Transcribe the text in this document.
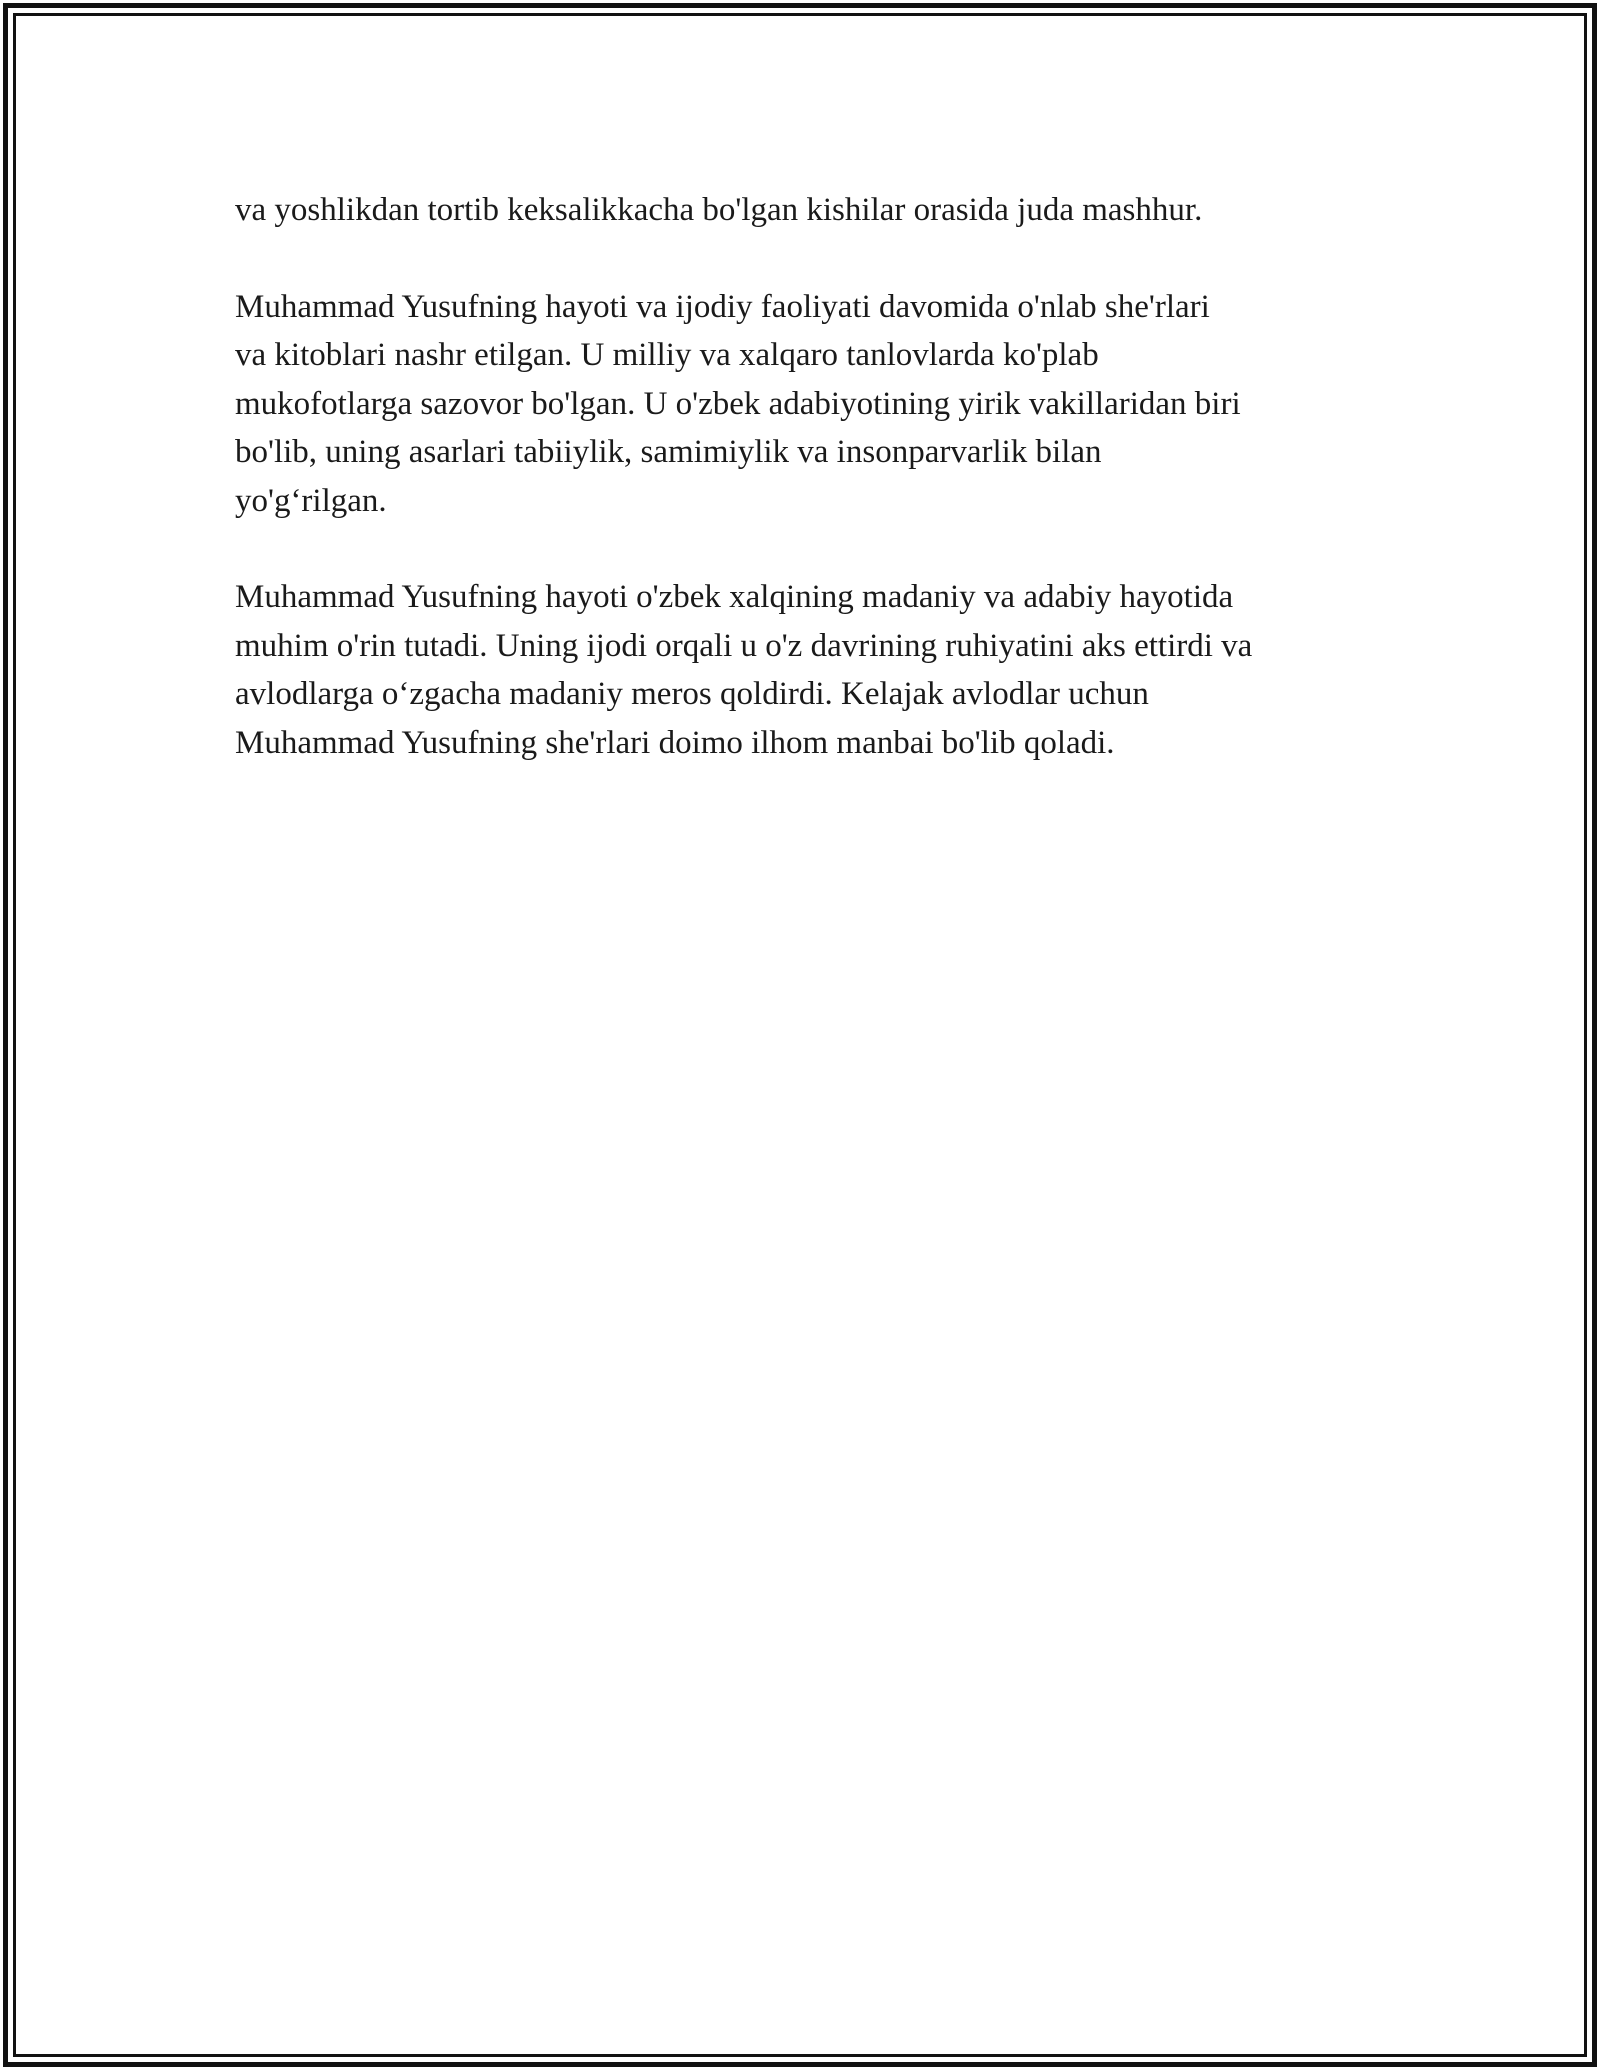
va yoshlikdan tortib keksalikkacha bo'lgan kishilar orasida juda mashhur.

Muhammad Yusufning hayoti va ijodiy faoliyati davomida o'nlab she'rlari
va kitoblari nashr etilgan. U milliy va xalqaro tanlovlarda ko'plab
mukofotlarga sazovor bo'lgan. U o'zbek adabiyotining yirik vakillaridan biri
bo'lib, uning asarlari tabiiylik, samimiylik va insonparvarlik bilan
yo'g‘rilgan.

Muhammad Yusufning hayoti o'zbek xalqining madaniy va adabiy hayotida
muhim o'rin tutadi. Uning ijodi orqali u o'z davrining ruhiyatini aks ettirdi va
avlodlarga o‘zgacha madaniy meros qoldirdi. Kelajak avlodlar uchun
Muhammad Yusufning she'rlari doimo ilhom manbai bo'lib qoladi.
